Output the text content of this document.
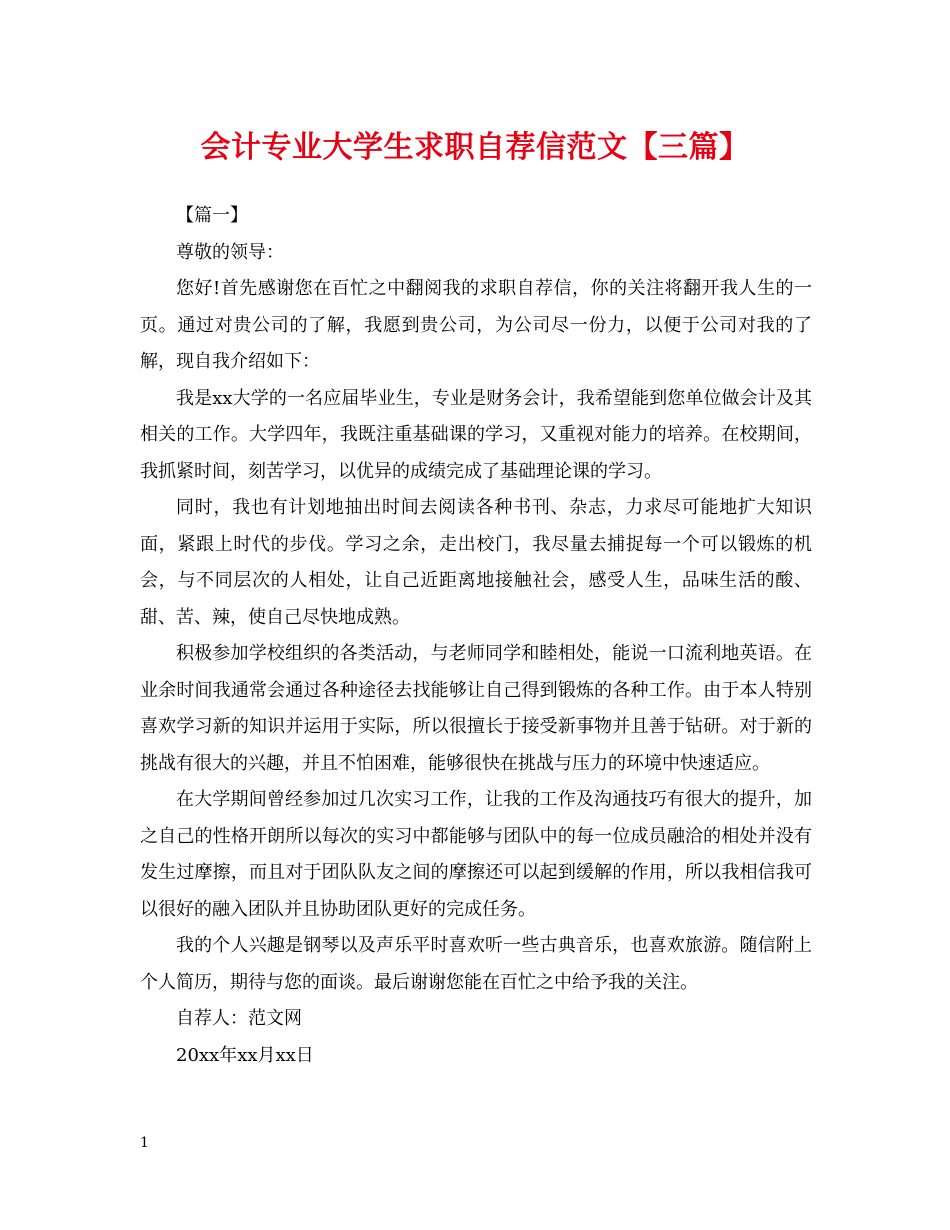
会计专业大学生求职自荐信范文【三篇】

【篇一】

尊敬的领导：

您好!首先感谢您在百忙之中翻阅我的求职自荐信，你的关注将翻开我人生的一页。通过对贵公司的了解，我愿到贵公司，为公司尽一份力，以便于公司对我的了解，现自我介绍如下：

我是xx大学的一名应届毕业生，专业是财务会计，我希望能到您单位做会计及其相关的工作。大学四年，我既注重基础课的学习，又重视对能力的培养。在校期间，我抓紧时间，刻苦学习，以优异的成绩完成了基础理论课的学习。

同时，我也有计划地抽出时间去阅读各种书刊、杂志，力求尽可能地扩大知识面，紧跟上时代的步伐。学习之余，走出校门，我尽量去捕捉每一个可以锻炼的机会，与不同层次的人相处，让自己近距离地接触社会，感受人生，品味生活的酸、甜、苦、辣，使自己尽快地成熟。

积极参加学校组织的各类活动，与老师同学和睦相处，能说一口流利地英语。在业余时间我通常会通过各种途径去找能够让自己得到锻炼的各种工作。由于本人特别喜欢学习新的知识并运用于实际，所以很擅长于接受新事物并且善于钻研。对于新的挑战有很大的兴趣，并且不怕困难，能够很快在挑战与压力的环境中快速适应。

在大学期间曾经参加过几次实习工作，让我的工作及沟通技巧有很大的提升，加之自己的性格开朗所以每次的实习中都能够与团队中的每一位成员融洽的相处并没有发生过摩擦，而且对于团队队友之间的摩擦还可以起到缓解的作用，所以我相信我可以很好的融入团队并且协助团队更好的完成任务。

我的个人兴趣是钢琴以及声乐平时喜欢听一些古典音乐，也喜欢旅游。随信附上个人简历，期待与您的面谈。最后谢谢您能在百忙之中给予我的关注。

自荐人：范文网

20xx年xx月xx日

1
